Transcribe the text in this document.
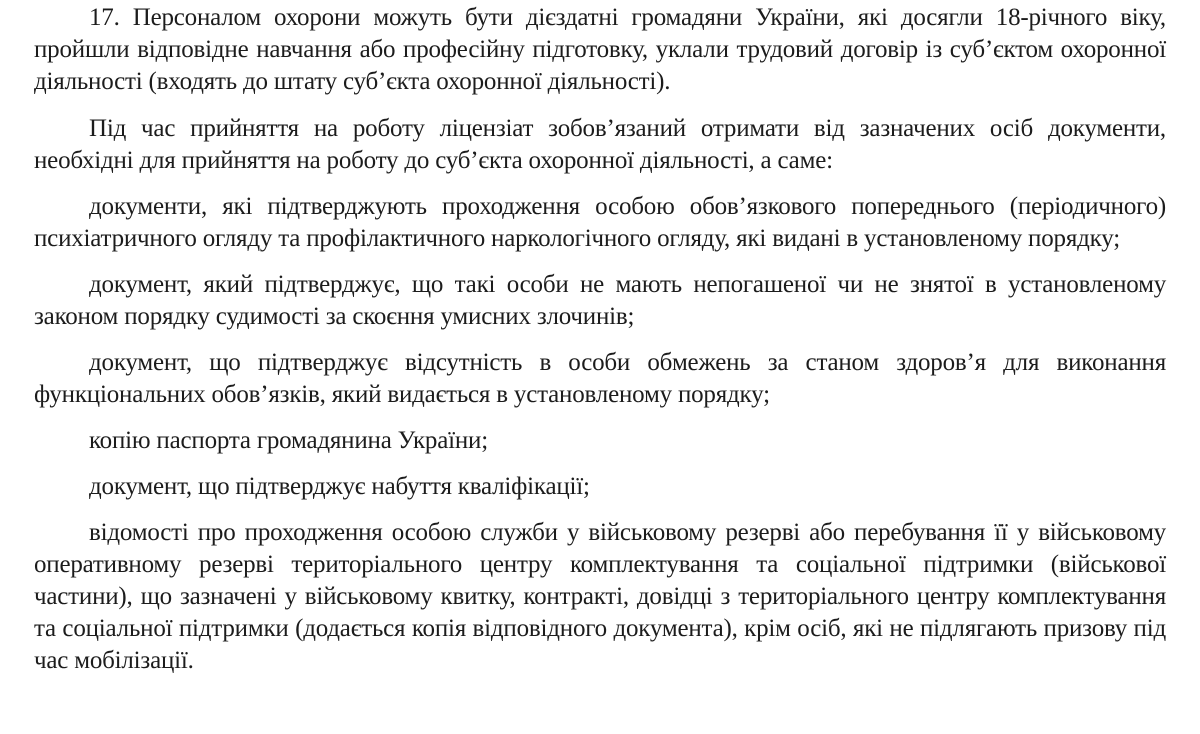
17. Персоналом охорони можуть бути дієздатні громадяни України, які досягли 18-річного віку, пройшли відповідне навчання або професійну підготовку, уклали трудовий договір із суб’єктом охоронної діяльності (входять до штату суб’єкта охоронної діяльності).

Під час прийняття на роботу ліцензіат зобов’язаний отримати від зазначених осіб документи, необхідні для прийняття на роботу до суб’єкта охоронної діяльності, а саме:

документи, які підтверджують проходження особою обов’язкового попереднього (періодичного) психіатричного огляду та профілактичного наркологічного огляду, які видані в установленому порядку;

документ, який підтверджує, що такі особи не мають непогашеної чи не знятої в установленому законом порядку судимості за скоєння умисних злочинів;

документ, що підтверджує відсутність в особи обмежень за станом здоров’я для виконання функціональних обов’язків, який видається в установленому порядку;

копію паспорта громадянина України;

документ, що підтверджує набуття кваліфікації;

відомості про проходження особою служби у військовому резерві або перебування її у військовому оперативному резерві територіального центру комплектування та соціальної підтримки (військової частини), що зазначені у військовому квитку, контракті, довідці з територіального центру комплектування та соціальної підтримки (додається копія відповідного документа), крім осіб, які не підлягають призову під час мобілізації.
